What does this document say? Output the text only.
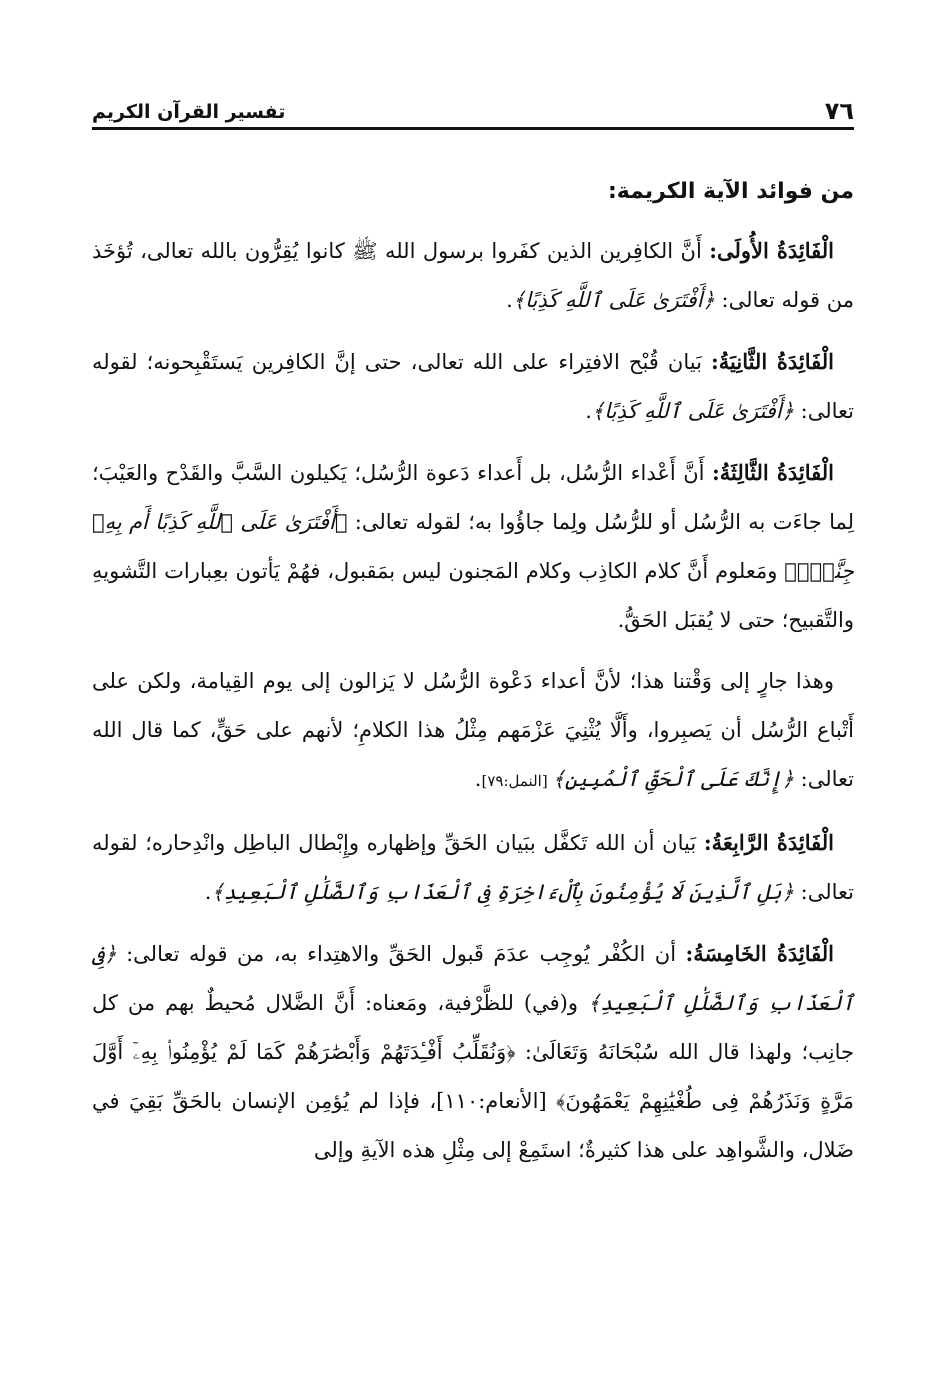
٧٦
تفسير القرآن الكريم
من فوائد الآية الكريمة:

الْفَائِدَةُ الأُولَى: أَنَّ الكافِرين الذين كفَروا برسول الله ﷺ كانوا يُقِرُّون بالله تعالى، تُؤخَذ من قوله تعالى: ﴿أَفْتَرَىٰ عَلَى ٱللَّهِ كَذِبًا﴾.

الْفَائِدَةُ الثَّانِيَةُ: بَيان قُبْح الافتِراء على الله تعالى، حتى إنَّ الكافِرين يَستَقْبِحونه؛ لقوله تعالى: ﴿أَفْتَرَىٰ عَلَى ٱللَّهِ كَذِبًا﴾.

الْفَائِدَةُ الثَّالِثَةُ: أَنَّ أَعْداء الرُّسُل، بل أَعداء دَعوة الرُّسُل؛ يَكيلون السَّبَّ والقَدْح والعَيْبَ؛ لِما جاءَت به الرُّسُل أو للرُّسُل ولِما جاؤُوا به؛ لقوله تعالى: ﴿أَفْتَرَىٰ عَلَى ٱللَّهِ كَذِبًا أَم بِهِۦ جِنَّةٌۢ﴾ ومَعلوم أَنَّ كلام الكاذِب وكلام المَجنون ليس بمَقبول، فهُمْ يَأتون بعِبارات التَّشويهِ والتَّقبيح؛ حتى لا يُقبَل الحَقُّ.

وهذا جارٍ إلى وَقْتنا هذا؛ لأنَّ أعداء دَعْوة الرُّسُل لا يَزالون إلى يوم القِيامة، ولكن على أَتْباع الرُّسُل أن يَصبِروا، وأَلَّا يُثْنِيَ عَزْمَهم مِثْلُ هذا الكلامِ؛ لأنهم على حَقٍّ، كما قال الله تعالى: ﴿إِنَّكَ عَلَى ٱلْحَقِّ ٱلْمُبِينِ﴾ [النمل:٧٩].

الْفَائِدَةُ الرَّابِعَةُ: بَيان أن الله تَكفَّل ببَيان الحَقِّ وإظهاره وإِبْطال الباطِل وانْدِحاره؛ لقوله تعالى: ﴿بَلِ ٱلَّذِينَ لَا يُؤْمِنُونَ بِٱلْءَاخِرَةِ فِى ٱلْعَذَابِ وَٱلضَّلَٰلِ ٱلْبَعِيدِ﴾.

الْفَائِدَةُ الخَامِسَةُ: أن الكُفْر يُوجِب عدَمَ قَبول الحَقِّ والاهتِداء به، من قوله تعالى: ﴿فِى ٱلْعَذَابِ وَٱلضَّلَٰلِ ٱلْبَعِيدِ﴾ و(في) للظَّرْفية، ومَعناه: أَنَّ الضَّلال مُحيطٌ بهم من كل جانِب؛ ولهذا قال الله سُبْحَانَهُ وَتَعَالَىٰ: ﴿وَنُقَلِّبُ أَفْـِٔدَتَهُمْ وَأَبْصَٰرَهُمْ كَمَا لَمْ يُؤْمِنُوا۟ بِهِۦٓ أَوَّلَ مَرَّةٍ وَنَذَرُهُمْ فِى طُغْيَٰنِهِمْ يَعْمَهُونَ﴾ [الأنعام:١١٠]، فإذا لم يُؤمِن الإنسان بالحَقِّ بَقِيَ في ضَلال، والشَّواهِد على هذا كثيرةٌ؛ استَمِعْ إلى مِثْلِ هذه الآيةِ وإلى
